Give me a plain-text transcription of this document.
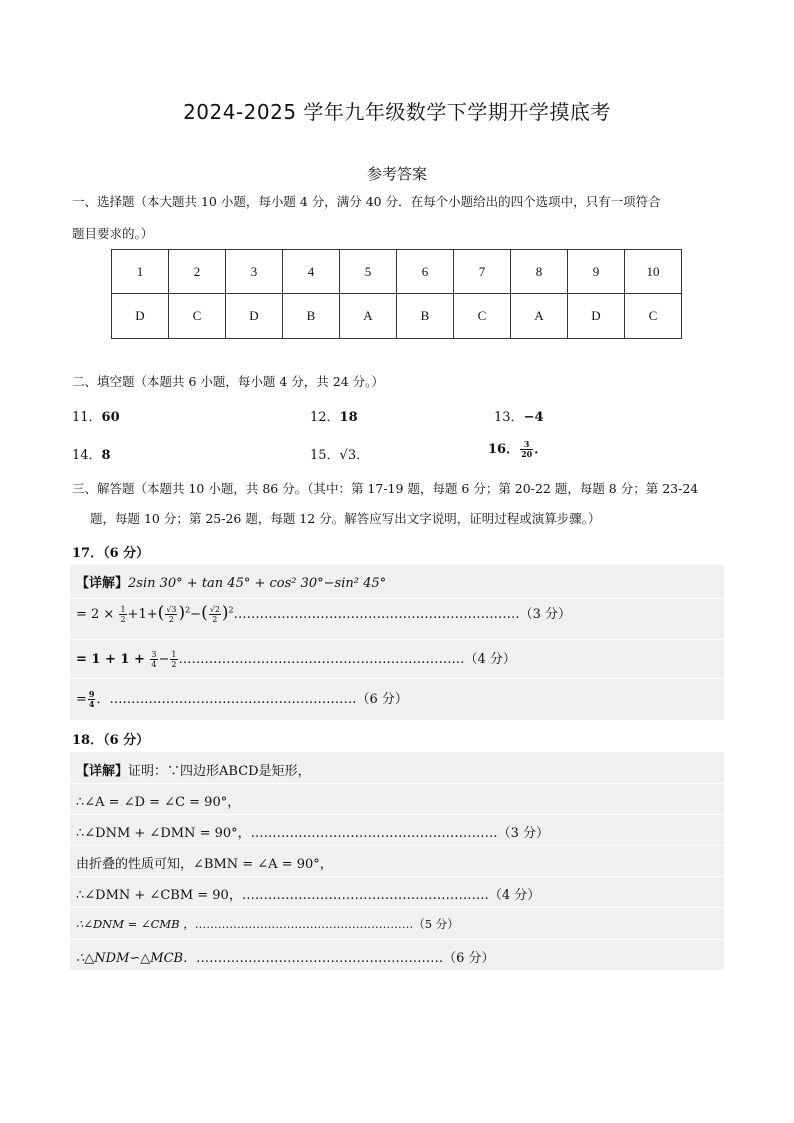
2024-2025 学年九年级数学下学期开学摸底考
参考答案
一、选择题（本大题共 10 小题，每小题 4 分，满分 40 分．在每个小题给出的四个选项中，只有一项符合
题目要求的。）
1	2	3	4	5	6	7	8	9	10
D	C	D	B	A	B	C	A	D	C
二、填空题（本题共 6 小题，每小题 4 分，共 24 分。）
11．60	12．18	13．−4
14．8	15．√3．	16． $\frac{3}{20}$ ．
三、解答题（本题共 10 小题，共 86 分。（其中：第 17-19 题，每题 6 分；第 20-22 题，每题 8 分；第 23-24
题，每题 10 分；第 25-26 题，每题 12 分。解答应写出文字说明，证明过程或演算步骤。）
17．（6 分）
【详解】2sin 30° + tan 45° + cos² 30°−sin² 45°
= $2 \times \frac{1}{2} +1+( \frac{√3}{2} )^2-( \frac{√2}{2}$ )$^2\dots\dots\dots\dots\dots\dots\dots\dots\dots\dots\dots\dots\dots\dots\dots\dots\dots\dots\dots\dots\dots\dots(3$ 分）
= $1 + 1 + \frac{3}{4} - \frac{1}{2}$ …………………………………………………………（4 分）
= $\frac{9}{4}$ ．…………………………………………………（6 分）
18．（6 分）
【详解】证明：∵四边形ABCD是矩形，
∴∠A = ∠D = ∠C = 90°，
∴∠DNM + ∠DMN = 90°，…………………………………………………（3 分）
由折叠的性质可知，∠BMN = ∠A = 90°，
∴∠DMN + ∠CBM = 90，…………………………………………………（4 分）
∴∠DNM = ∠CMB ，…………………………………………………（5 分）
∴△NDM∽△MCB．…………………………………………………（6 分）
